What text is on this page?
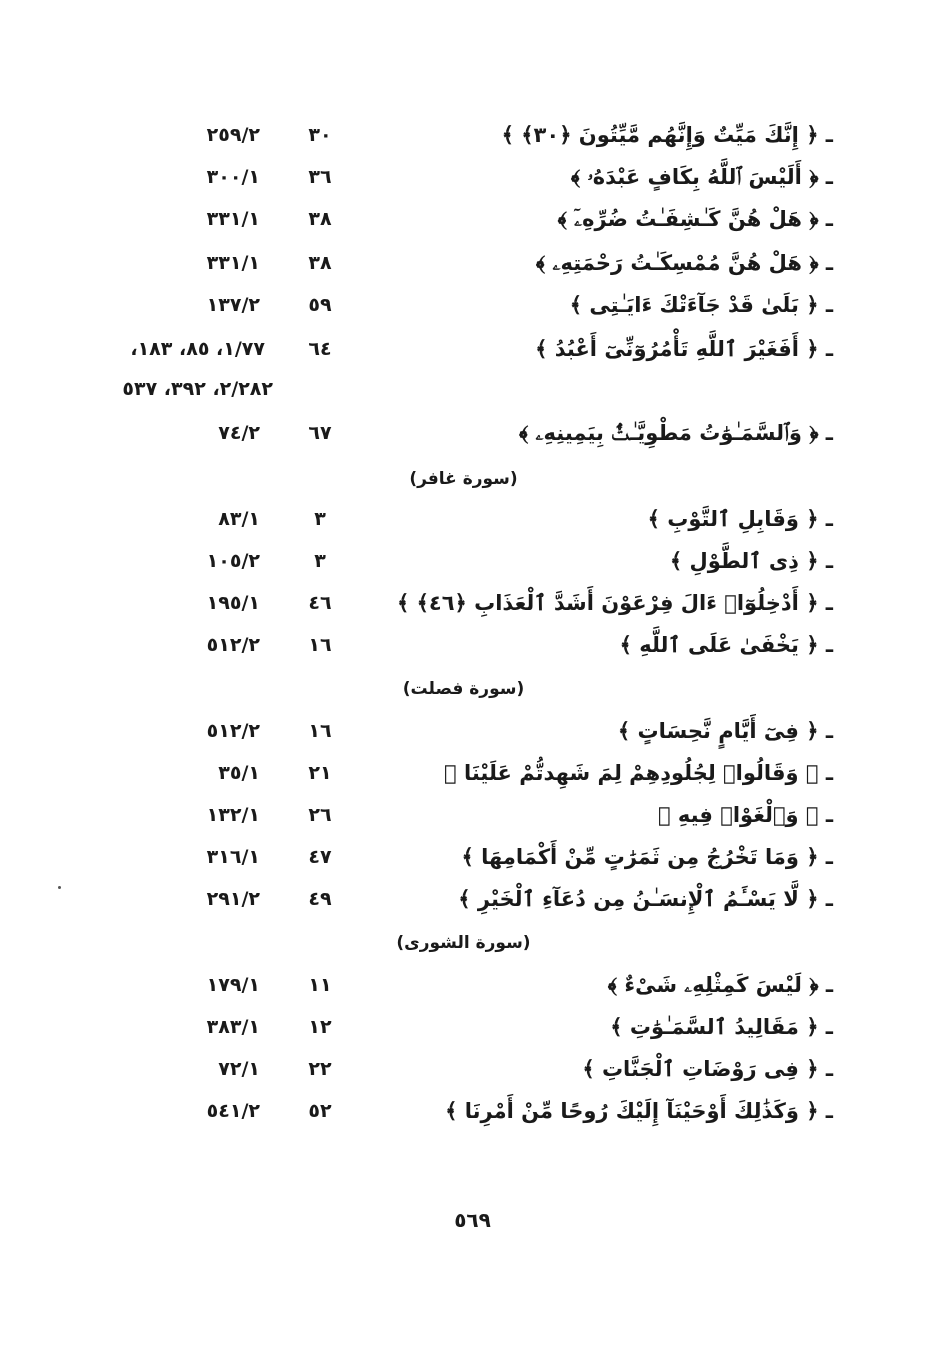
ـ ﴿ إِنَّكَ مَيِّتٌ وَإِنَّهُم مَّيِّتُونَ ﴿٣٠﴾ ﴾
٣٠
٢٥٩/٢
ـ ﴿ أَلَيْسَ ٱللَّهُ بِكَافٍ عَبْدَهُۥ ﴾
٣٦
٣٠٠/١
ـ ﴿ هَلْ هُنَّ كَـٰشِفَـٰتُ ضُرِّهِۦٓ ﴾
٣٨
٣٣١/١
ـ ﴿ هَلْ هُنَّ مُمْسِكَـٰتُ رَحْمَتِهِۦ ﴾
٣٨
٣٣١/١
ـ ﴿ بَلَىٰ قَدْ جَآءَتْكَ ءَايَـٰتِى ﴾
٥٩
١٣٧/٢
ـ ﴿ أَفَغَيْرَ ٱللَّهِ تَأْمُرُوٓنِّىٓ أَعْبُدُ ﴾
٦٤
١/٧٧، ٨٥، ١٨٣،
٢/٢٨٢، ٣٩٢، ٥٣٧
ـ ﴿ وَٱلسَّمَـٰوَٰتُ مَطْوِيَّـٰتٌۢ بِيَمِينِهِۦ ﴾
٦٧
٧٤/٢
(سورة غافر)
ـ ﴿ وَقَابِلِ ٱلتَّوْبِ ﴾
٣
٨٣/١
ـ ﴿ ذِى ٱلطَّوْلِ ﴾
٣
١٠٥/٢
ـ ﴿ أَدْخِلُوٓا۟ ءَالَ فِرْعَوْنَ أَشَدَّ ٱلْعَذَابِ ﴿٤٦﴾ ﴾
٤٦
١٩٥/١
ـ ﴿ يَخْفَىٰ عَلَى ٱللَّهِ ﴾
١٦
٥١٢/٢
(سورة فصلت)
ـ ﴿ فِىٓ أَيَّامٍ نَّحِسَاتٍ ﴾
١٦
٥١٢/٢
ـ ﴿ وَقَالُوا۟ لِجُلُودِهِمْ لِمَ شَهِدتُّمْ عَلَيْنَا ﴾
٢١
٣٥/١
ـ ﴿ وَٱلْغَوْا۟ فِيهِ ﴾
٢٦
١٣٢/١
ـ ﴿ وَمَا تَخْرُجُ مِن ثَمَرَٰتٍ مِّنْ أَكْمَامِهَا ﴾
٤٧
٣١٦/١
ـ ﴿ لَّا يَسْـَٔمُ ٱلْإِنسَـٰنُ مِن دُعَآءِ ٱلْخَيْرِ ﴾
٤٩
٢٩١/٢
(سورة الشورى)
ـ ﴿ لَيْسَ كَمِثْلِهِۦ شَىْءٌ ﴾
١١
١٧٩/١
ـ ﴿ مَقَالِيدُ ٱلسَّمَـٰوَٰتِ ﴾
١٢
٣٨٣/١
ـ ﴿ فِى رَوْضَاتِ ٱلْجَنَّاتِ ﴾
٢٢
٧٢/١
ـ ﴿ وَكَذَٰلِكَ أَوْحَيْنَآ إِلَيْكَ رُوحًا مِّنْ أَمْرِنَا ﴾
٥٢
٥٤١/٢
٥٦٩
